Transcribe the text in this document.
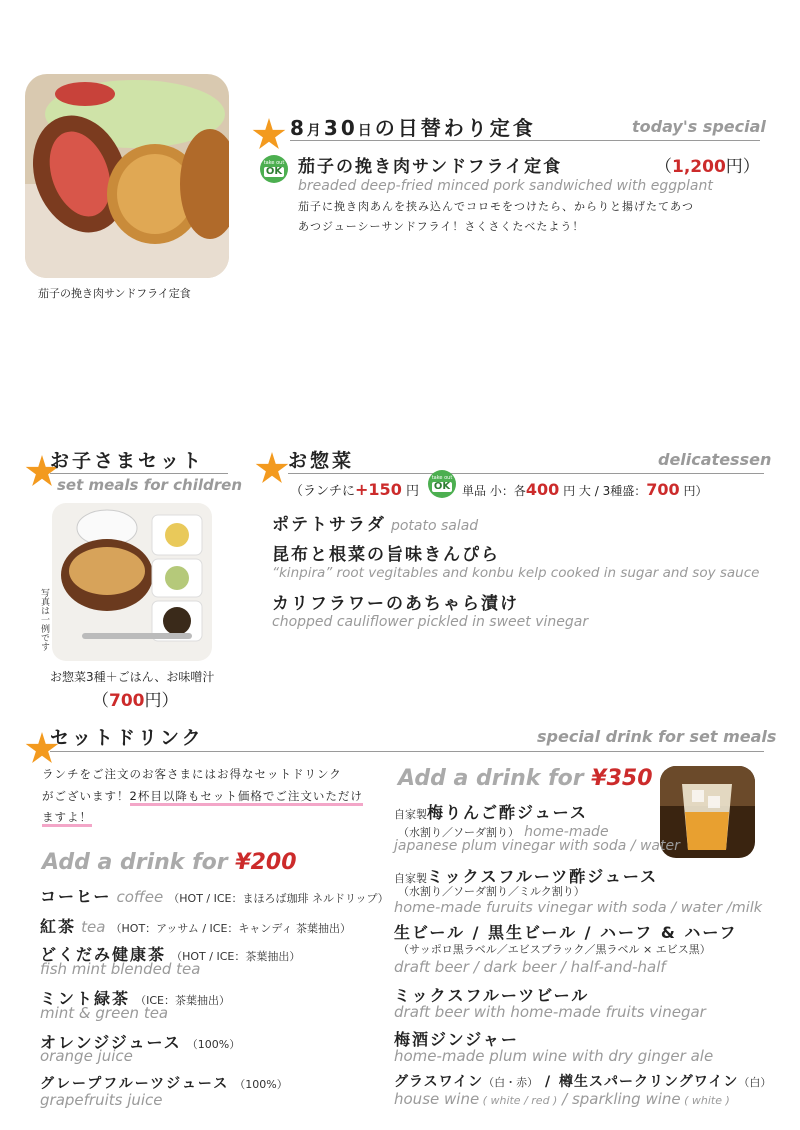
茄子の挽き肉サンドフライ定食
8月30日の日替わり定食	today's special
take out
OK 茄子の挽き肉サンドフライ定食	（1,200円）
breaded deep-fried minced pork sandwiched with eggplant
茄子に挽き肉あんを挟み込んでコロモをつけたら、からりと揚げたてあつ
あつジューシーサンドフライ！さくさくたべたよう！
お子さまセット
set meals for children
写真は一例です
お惣菜3種＋ごはん、お味噌汁
（700円）
お惣菜	delicatessen
（ランチに+150 円
take out
OK 単品 小：各400 円 大 / 3種盛：700 円）
ポテトサラダ potato salad
昆布と根菜の旨味きんぴら
“kinpira” root vegitables and konbu kelp cooked in sugar and soy sauce
カリフラワーのあちゃら漬け
chopped cauliflower pickled in sweet vinegar
セットドリンク	special drink for set meals
ランチをご注文のお客さまにはお得なセットドリンク
がございます！2杯目以降もセット価格でご注文いただけ
ますよ！
Add a drink for ¥200
コーヒー coffee （HOT / ICE：まほろば珈琲 ネルドリップ）
紅茶 tea （HOT：アッサム / ICE：キャンディ 茶葉抽出）
どくだみ健康茶 （HOT / ICE：茶葉抽出）
fish mint blended tea
ミント緑茶 （ICE：茶葉抽出）
mint & green tea
オレンジジュース （100%）
orange juice
グレープフルーツジュース （100%）
grapefruits juice
Add a drink for ¥350
自家製梅りんご酢ジュース
（水割り／ソーダ割り） home-made
japanese plum vinegar with soda / water
自家製ミックスフルーツ酢ジュース
（水割り／ソーダ割り／ミルク割り）
home-made furuits vinegar with soda / water /milk
生ビール / 黒生ビール / ハーフ & ハーフ
（サッポロ黒ラベル／エビスブラック／黒ラベル × エビス黒）
draft beer / dark beer / half-and-half
ミックスフルーツビール
draft beer with home-made fruits vinegar
梅酒ジンジャー
home-made plum wine with dry ginger ale
グラスワイン（白・赤） / 樽生スパークリングワイン（白）
house wine ( white / red ) / sparkling wine ( white )
